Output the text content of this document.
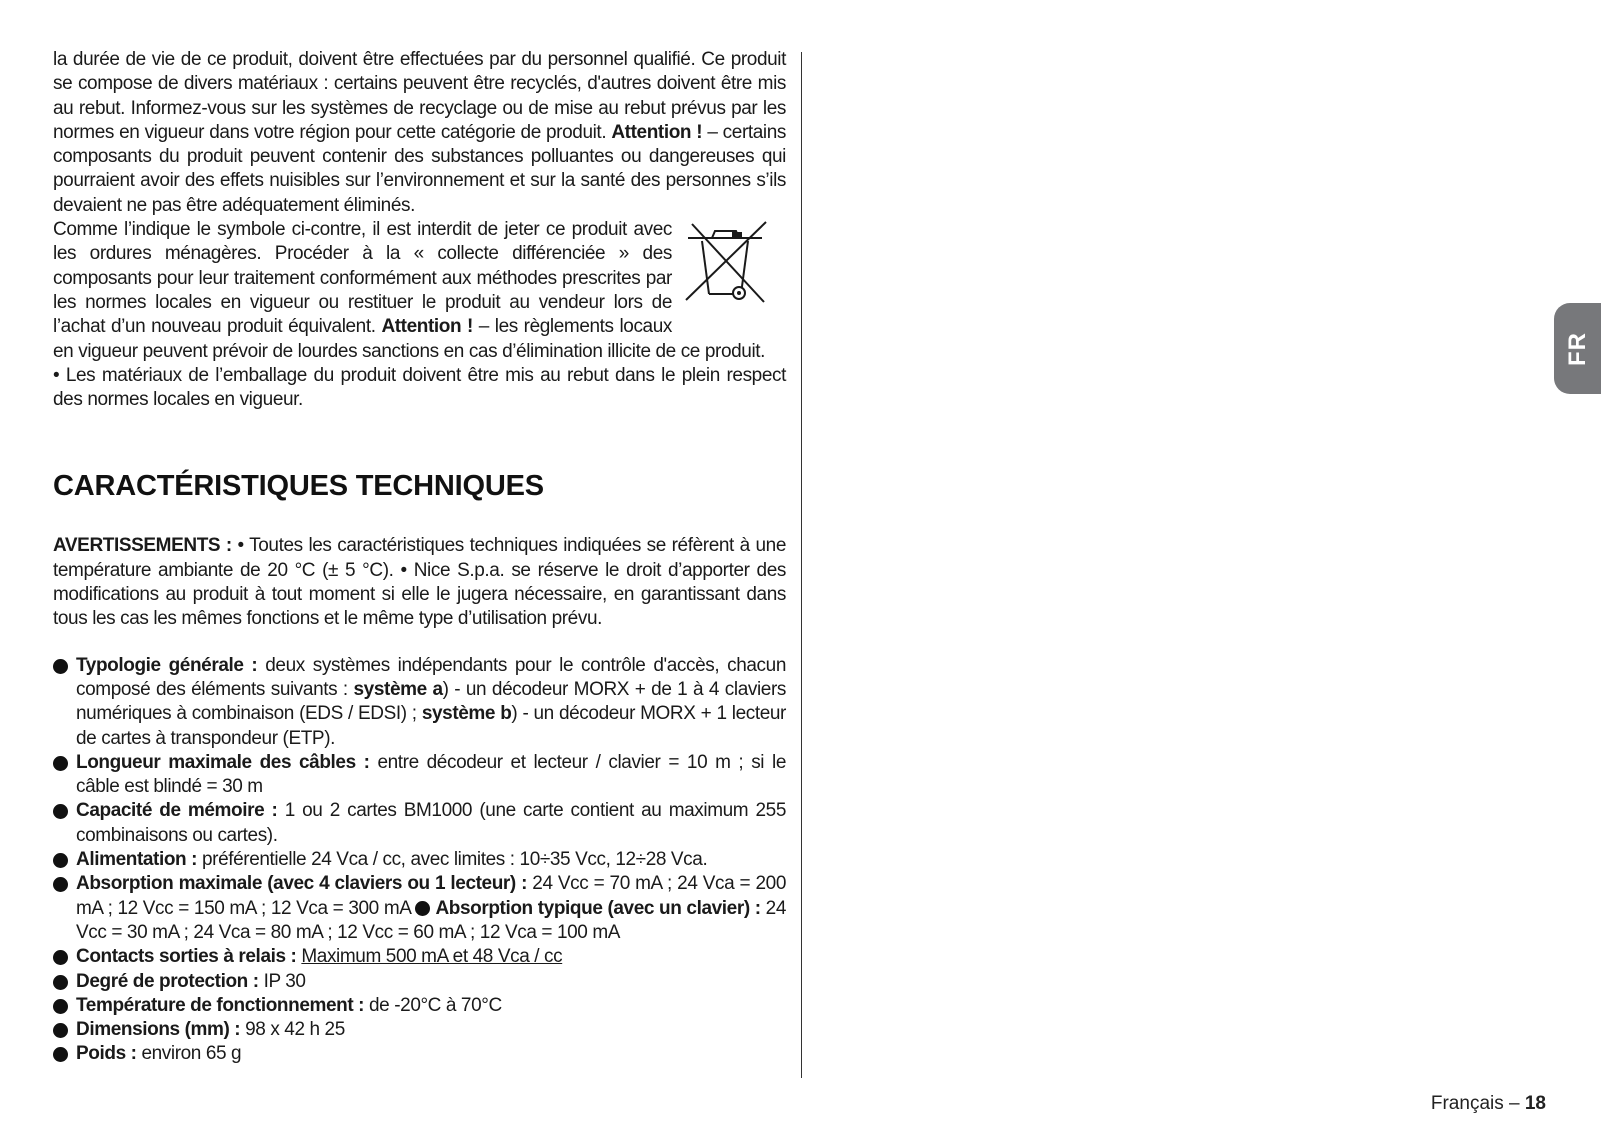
la durée de vie de ce produit, doivent être effectuées par du personnel qualifié. Ce produit se compose de divers matériaux : certains peuvent être recyclés, d'autres doivent être mis au rebut. Informez-vous sur les systèmes de recyclage ou de mise au rebut prévus par les normes en vigueur dans votre région pour cette catégorie de produit. Attention ! – certains composants du produit peuvent contenir des substances polluantes ou dangereuses qui pourraient avoir des effets nuisibles sur l’environnement et sur la santé des personnes s’ils devaient ne pas être adéquatement éliminés.

Comme l’indique le symbole ci-contre, il est interdit de jeter ce produit avec les ordures ménagères. Procéder à la « collecte différenciée » des composants pour leur traitement conformément aux méthodes prescrites par les normes locales en vigueur ou restituer le produit au vendeur lors de l’achat d’un nouveau produit équivalent. Attention ! – les règlements locaux en vigueur peuvent prévoir de lourdes sanctions en cas d’élimination illicite de ce produit.

• Les matériaux de l’emballage du produit doivent être mis au rebut dans le plein respect des normes locales en vigueur.

CARACTÉRISTIQUES TECHNIQUES

AVERTISSEMENTS : • Toutes les caractéristiques techniques indiquées se réfèrent à une température ambiante de 20 °C (± 5 °C). • Nice S.p.a. se réserve le droit d’apporter des modifications au produit à tout moment si elle le jugera nécessaire, en garantissant dans tous les cas les mêmes fonctions et le même type d’utilisation prévu.

Typologie générale : deux systèmes indépendants pour le contrôle d'accès, chacun composé des éléments suivants : système a) - un décodeur MORX + de 1 à 4 claviers numériques à combinaison (EDS / EDSI) ; système b) - un décodeur MORX + 1 lecteur de cartes à transpondeur (ETP).
Longueur maximale des câbles : entre décodeur et lecteur / clavier = 10 m ; si le câble est blindé = 30 m
Capacité de mémoire : 1 ou 2 cartes BM1000 (une carte contient au maximum 255 combinaisons ou cartes).
Alimentation : préférentielle 24 Vca / cc, avec limites : 10÷35 Vcc, 12÷28 Vca.
Absorption maximale (avec 4 claviers ou 1 lecteur) : 24 Vcc = 70 mA ; 24 Vca = 200 mA ; 12 Vcc = 150 mA ; 12 Vca = 300 mA Absorption typique (avec un clavier) : 24 Vcc = 30 mA ; 24 Vca = 80 mA ; 12 Vcc = 60 mA ; 12 Vca = 100 mA
Contacts sorties à relais : Maximum 500 mA et 48 Vca / cc
Degré de protection : IP 30
Température de fonctionnement : de -20°C à 70°C
Dimensions (mm) : 98 x 42 h 25
Poids : environ 65 g
FR
Français – 18
